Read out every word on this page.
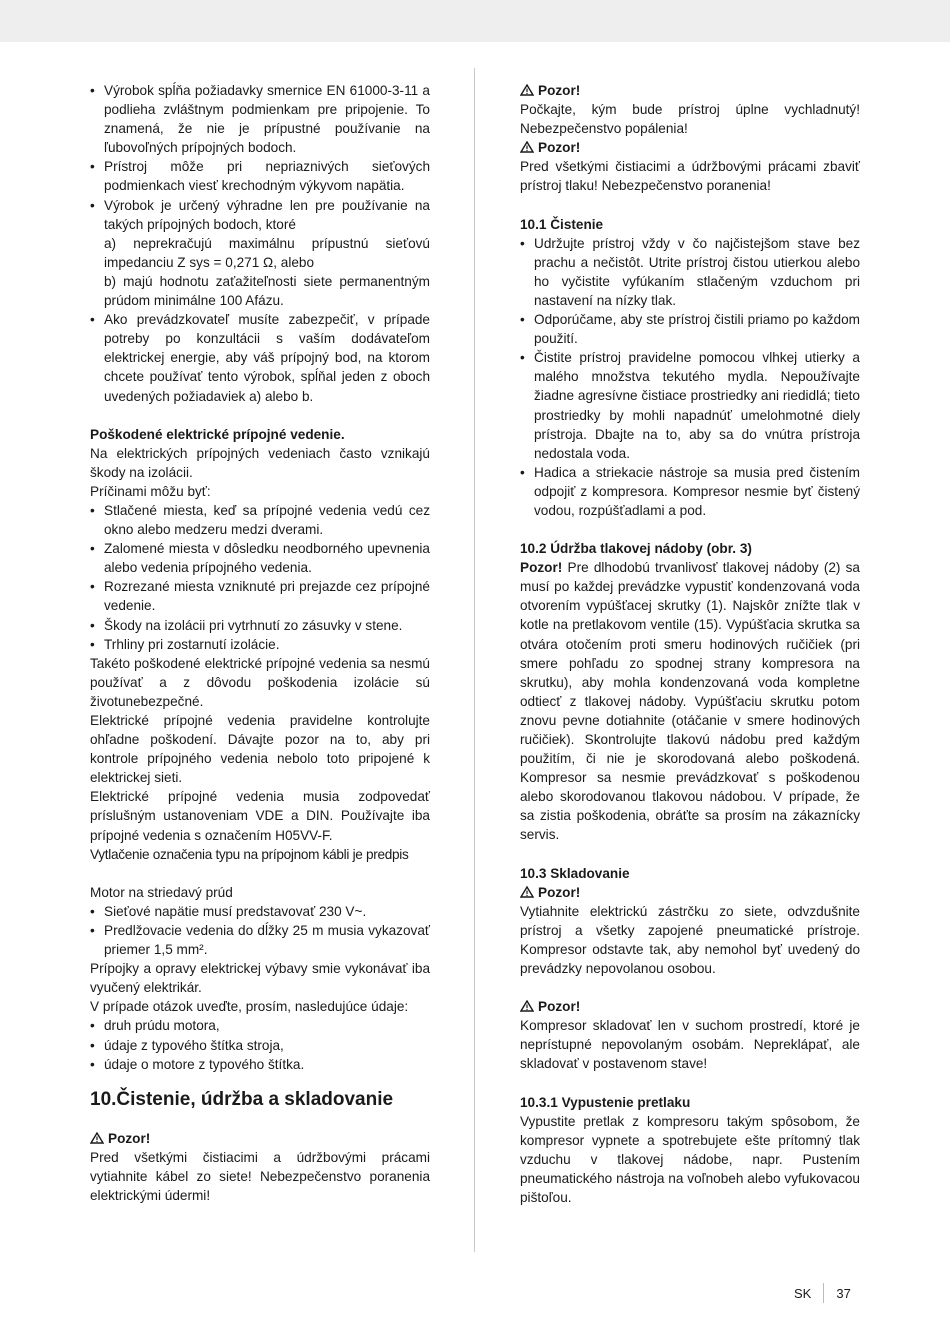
• Výrobok spĺňa požiadavky smernice EN 61000-3-11 a podlieha zvláštnym podmienkam pre pripojenie. To znamená, že nie je prípustné používanie na ľubovoľných prípojných bodoch.
• Prístroj môže pri nepriaznivých sieťových podmienkach viesť krechodným výkyvom napätia.
• Výrobok je určený výhradne len pre používanie na takých prípojných bodoch, ktoré
a) neprekračujú maximálnu prípustnú sieťovú impedanciu Z sys = 0,271 Ω, alebo
b) majú hodnotu zaťažiteľnosti siete permanentným prúdom minimálne 100 Afázu.
• Ako prevádzkovateľ musíte zabezpečiť, v prípade potreby po konzultácii s vaším dodávateľom elektrickej energie, aby váš prípojný bod, na ktorom chcete používať tento výrobok, spĺňal jeden z oboch uvedených požiadaviek a) alebo b.

Poškodené elektrické prípojné vedenie.

Na elektrických prípojných vedeniach často vznikajú škody na izolácii.

Príčinami môžu byť:

• Stlačené miesta, keď sa prípojné vedenia vedú cez okno alebo medzeru medzi dverami.
• Zalomené miesta v dôsledku neodborného upevnenia alebo vedenia prípojného vedenia.
• Rozrezané miesta vzniknuté pri prejazde cez prípojné vedenie.
• Škody na izolácii pri vytrhnutí zo zásuvky v stene.
• Trhliny pri zostarnutí izolácie.

Takéto poškodené elektrické prípojné vedenia sa nesmú používať a z dôvodu poškodenia izolácie sú životunebezpečné.

Elektrické prípojné vedenia pravidelne kontrolujte ohľadne poškodení. Dávajte pozor na to, aby pri kontrole prípojného vedenia nebolo toto pripojené k elektrickej sieti.

Elektrické prípojné vedenia musia zodpovedať príslušným ustanoveniam VDE a DIN. Používajte iba prípojné vedenia s označením H05VV-F.

Vytlačenie označenia typu na prípojnom kábli je predpis

Motor na striedavý prúd

• Sieťové napätie musí predstavovať 230 V~.
• Predlžovacie vedenia do dĺžky 25 m musia vykazovať priemer 1,5 mm².

Prípojky a opravy elektrickej výbavy smie vykonávať iba vyučený elektrikár.

V prípade otázok uveďte, prosím, nasledujúce údaje:

• druh prúdu motora,
• údaje z typového štítka stroja,
• údaje o motore z typového štítka.

10.Čistenie, údržba a skladovanie

Pozor!

Pred všetkými čistiacimi a údržbovými prácami vytiahnite kábel zo siete! Nebezpečenstvo poranenia elektrickými údermi!

Pozor!

Počkajte, kým bude prístroj úplne vychladnutý! Nebezpečenstvo popálenia!

Pozor!

Pred všetkými čistiacimi a údržbovými prácami zbaviť prístroj tlaku! Nebezpečenstvo poranenia!

10.1 Čistenie

• Udržujte prístroj vždy v čo najčistejšom stave bez prachu a nečistôt. Utrite prístroj čistou utierkou alebo ho vyčistite vyfúkaním stlačeným vzduchom pri nastavení na nízky tlak.
• Odporúčame, aby ste prístroj čistili priamo po každom použití.
• Čistite prístroj pravidelne pomocou vlhkej utierky a malého množstva tekutého mydla. Nepoužívajte žiadne agresívne čistiace prostriedky ani riedidlá; tieto prostriedky by mohli napadnúť umelohmotné diely prístroja. Dbajte na to, aby sa do vnútra prístroja nedostala voda.
• Hadica a striekacie nástroje sa musia pred čistením odpojiť z kompresora. Kompresor nesmie byť čistený vodou, rozpúšťadlami a pod.

10.2 Údržba tlakovej nádoby (obr. 3)

Pozor! Pre dlhodobú trvanlivosť tlakovej nádoby (2) sa musí po každej prevádzke vypustiť kondenzovaná voda otvorením vypúšťacej skrutky (1). Najskôr znížte tlak v kotle na pretlakovom ventile (15). Vypúšťacia skrutka sa otvára otočením proti smeru hodinových ručičiek (pri smere pohľadu zo spodnej strany kompresora na skrutku), aby mohla kondenzovaná voda kompletne odtiecť z tlakovej nádoby. Vypúšťaciu skrutku potom znovu pevne dotiahnite (otáčanie v smere hodinových ručičiek). Skontrolujte tlakovú nádobu pred každým použitím, či nie je skorodovaná alebo poškodená. Kompresor sa nesmie prevádzkovať s poškodenou alebo skorodovanou tlakovou nádobou. V prípade, že sa zistia poškodenia, obráťte sa prosím na zákaznícky servis.

10.3 Skladovanie

Pozor!

Vytiahnite elektrickú zástrčku zo siete, odvzdušnite prístroj a všetky zapojené pneumatické prístroje. Kompresor odstavte tak, aby nemohol byť uvedený do prevádzky nepovolanou osobou.

Pozor!

Kompresor skladovať len v suchom prostredí, ktoré je neprístupné nepovolaným osobám. Nepreklápať, ale skladovať v postavenom stave!

10.3.1 Vypustenie pretlaku

Vypustite pretlak z kompresoru takým spôsobom, že kompresor vypnete a spotrebujete ešte prítomný tlak vzduchu v tlakovej nádobe, napr. Pustením pneumatického nástroja na voľnobeh alebo vyfukovacou pištoľou.

SK 37
